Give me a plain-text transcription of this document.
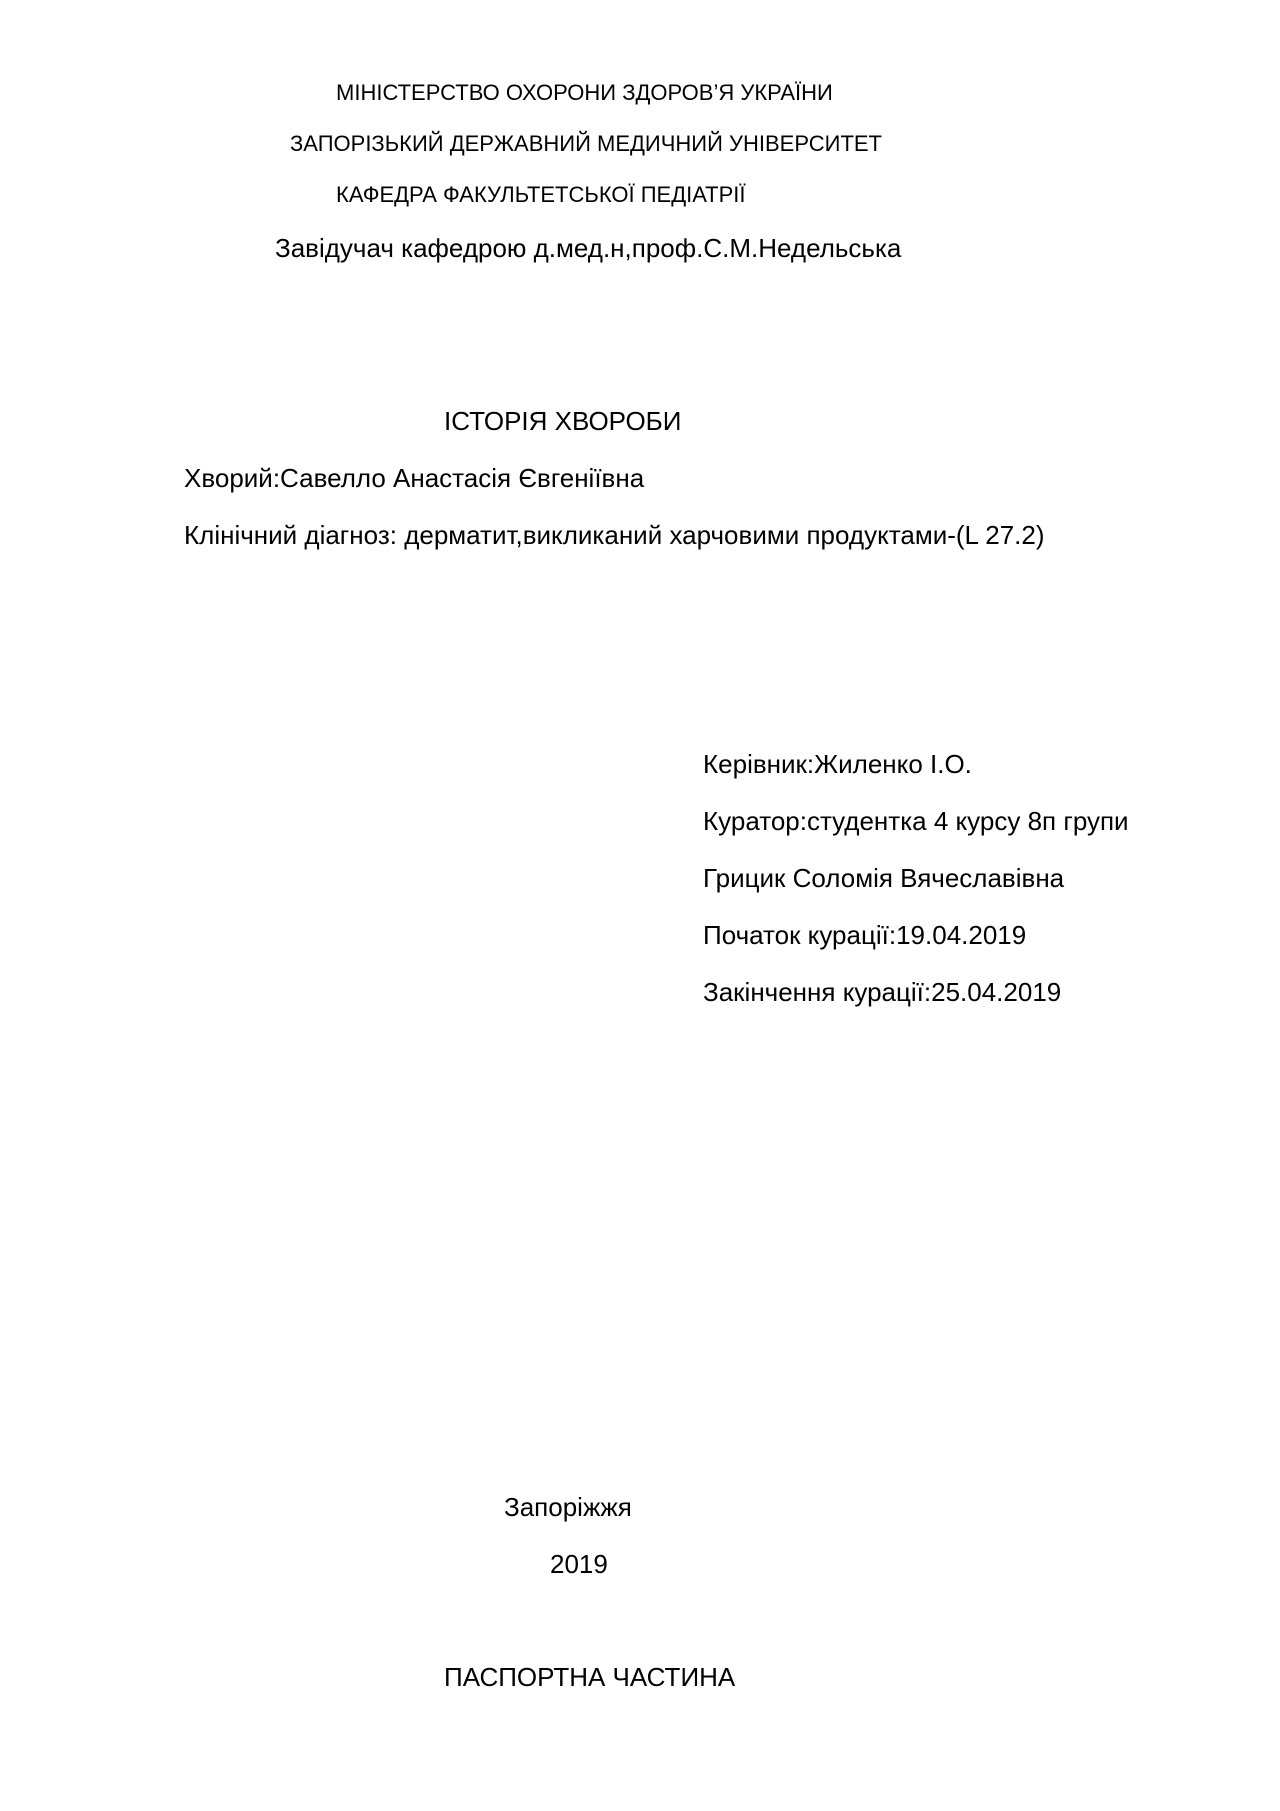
МІНІСТЕРСТВО ОХОРОНИ ЗДОРОВ’Я УКРАЇНИ
ЗАПОРІЗЬКИЙ ДЕРЖАВНИЙ МЕДИЧНИЙ УНІВЕРСИТЕТ
КАФЕДРА ФАКУЛЬТЕТСЬКОЇ ПЕДІАТРІЇ
Завідучач кафедрою д.мед.н,проф.С.М.Недельська
ІСТОРІЯ ХВОРОБИ
Хворий:Савелло Анастасія Євгеніївна
Клінічний діагноз: дерматит,викликаний харчовими продуктами-(L 27.2)
Керівник:Жиленко І.О.
Куратор:студентка 4 курсу 8п групи
Грицик Соломія Вячеславівна
Початок курації:19.04.2019
Закінчення курації:25.04.2019
Запоріжжя
2019
ПАСПОРТНА ЧАСТИНА
